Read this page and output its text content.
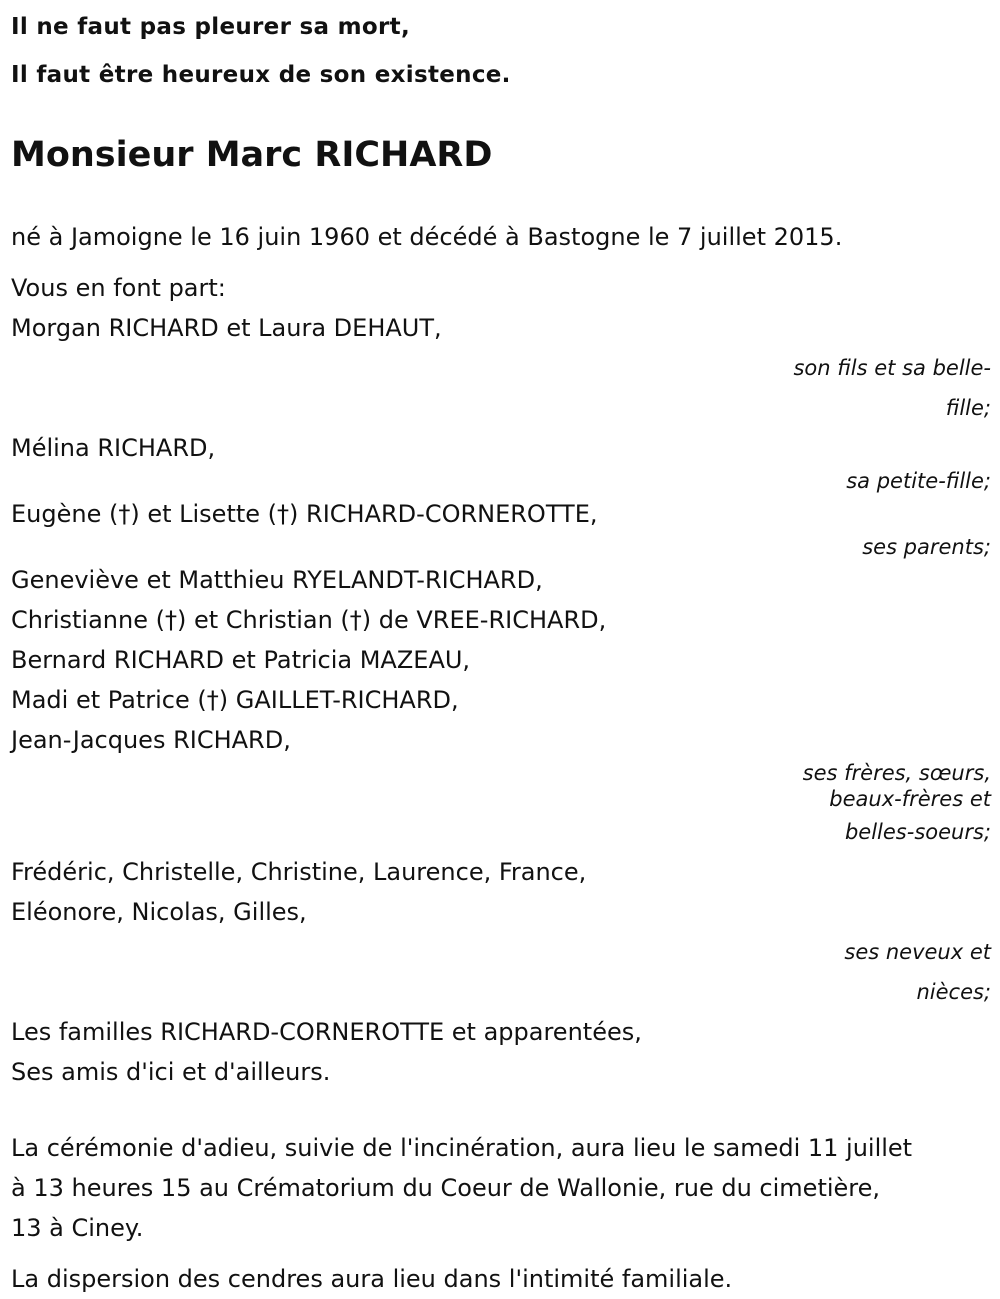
Il ne faut pas pleurer sa mort,

Il faut être heureux de son existence.

Monsieur Marc RICHARD

né à Jamoigne le 16 juin 1960 et décédé à Bastogne le 7 juillet 2015.

Vous en font part:

Morgan RICHARD et Laura DEHAUT,

son fils et sa belle-

fille;

Mélina RICHARD,

sa petite-fille;

Eugène (†) et Lisette (†) RICHARD-CORNEROTTE,

ses parents;

Geneviève et Matthieu RYELANDT-RICHARD,

Christianne (†) et Christian (†) de VREE-RICHARD,

Bernard RICHARD et Patricia MAZEAU,

Madi et Patrice (†) GAILLET-RICHARD,

Jean-Jacques RICHARD,

ses frères, sœurs,

beaux-frères et

belles-soeurs;

Frédéric, Christelle, Christine, Laurence, France,

Eléonore, Nicolas, Gilles,

ses neveux et

nièces;

Les familles RICHARD-CORNEROTTE et apparentées,

Ses amis d'ici et d'ailleurs.

La cérémonie d'adieu, suivie de l'incinération, aura lieu le samedi 11 juillet

à 13 heures 15 au Crématorium du Coeur de Wallonie, rue du cimetière,

13 à Ciney.

La dispersion des cendres aura lieu dans l'intimité familiale.
